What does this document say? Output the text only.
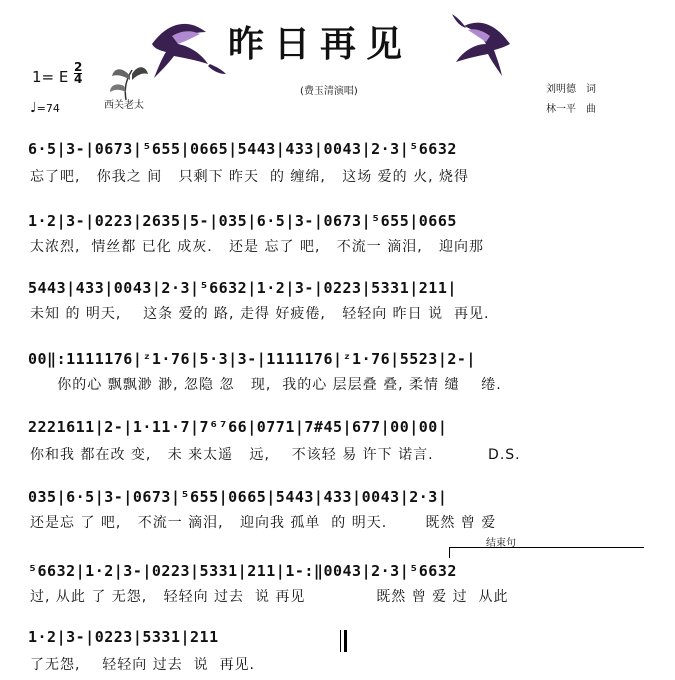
昨日再见
1= E $\frac{2}{4}$
♩=74
(费玉清演唱)	刘明德　词
林一平　曲
西关老太
6·5|3-|0673|⁵655|0665|5443|433|0043|2·3|⁵6632
忘了吧,   你我之 间   只剩下 昨天  的 缠绵,   这场 爱的 火, 烧得
1·2|3-|0223|2635|5-|035|6·5|3-|0673|⁵655|0665
太浓烈,  情丝都 已化 成灰.   还是 忘了 吧,   不流一 滴泪,   迎向那
5443|433|0043|2·3|⁵6632|1·2|3-|0223|5331|211|
未知 的 明天,    这条 爱的 路, 走得 好疲倦,   轻轻向 昨日 说  再见.
00‖:1111176|ᶻ1·76|5·3|3-|1111176|ᶻ1·76|5523|2-|
你的心 飘飘渺 渺, 忽隐 忽   现,  我的心 层层叠 叠, 柔情 缱    绻.
2221611|2-|1·11·7|7⁶⁷66|0771|7#45|677|00|00|
你和我 都在改 变,   未 来太遥   远,    不该轻 易 许下 诺言.          D.S.
035|6·5|3-|0673|⁵655|0665|5443|433|0043|2·3|
还是忘 了 吧,   不流一 滴泪,   迎向我 孤单  的 明天.       既然 曾 爱
结束句
⁵6632|1·2|3-|0223|5331|211|1-:‖0043|2·3|⁵6632
过, 从此 了 无怨,   轻轻向 过去  说 再见             既然 曾 爱 过  从此
1·2|3-|0223|5331|211
了无怨,    轻轻向 过去  说  再见.
